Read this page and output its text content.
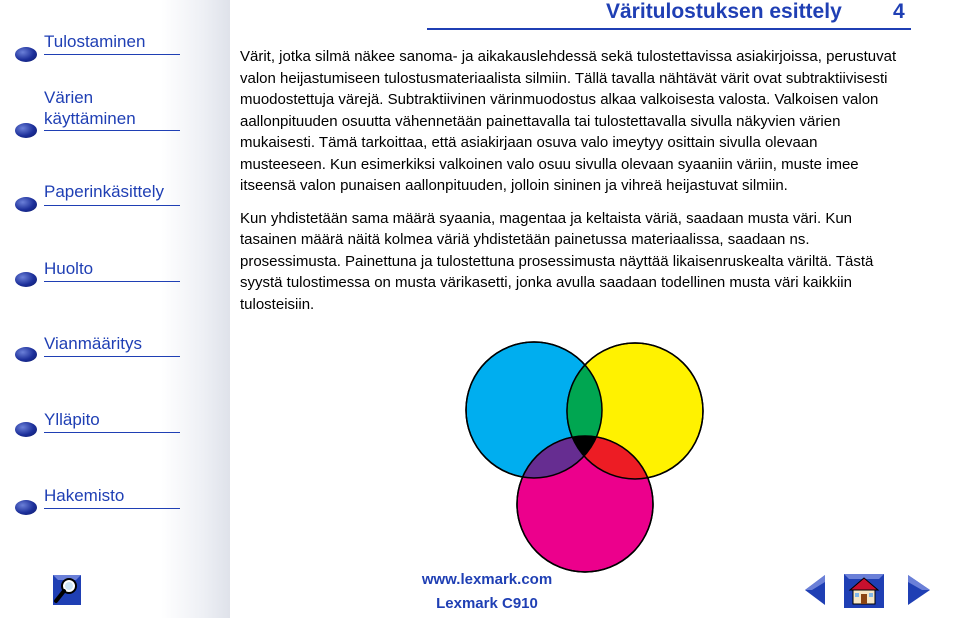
Väritulostuksen esittely 4
Tulostaminen
Värien
käyttäminen
Paperinkäsittely
Huolto
Vianmääritys
Ylläpito
Hakemisto

Värit, jotka silmä näkee sanoma- ja aikakauslehdessä sekä tulostettavissa asiakirjoissa, perustuvat valon heijastumiseen tulostusmateriaalista silmiin. Tällä tavalla nähtävät värit ovat subtraktiivisesti muodostettuja värejä. Subtraktiivinen värinmuodostus alkaa valkoisesta valosta. Valkoisen valon aallonpituuden osuutta vähennetään painettavalla tai tulostettavalla sivulla näkyvien värien mukaisesti. Tämä tarkoittaa, että asiakirjaan osuva valo imeytyy osittain sivulla olevaan musteeseen. Kun esimerkiksi valkoinen valo osuu sivulla olevaan syaaniin väriin, muste imee itseensä valon punaisen aallonpituuden, jolloin sininen ja vihreä heijastuvat silmiin.

Kun yhdistetään sama määrä syaania, magentaa ja keltaista väriä, saadaan musta väri. Kun tasainen määrä näitä kolmea väriä yhdistetään painetussa materiaalissa, saadaan ns. prosessimusta. Painettuna ja tulostettuna prosessimusta näyttää likaisenruskealta väriltä. Tästä syystä tulostimessa on musta värikasetti, jonka avulla saadaan todellinen musta väri kaikkiin tulosteisiin.

www.lexmark.com
Lexmark C910
